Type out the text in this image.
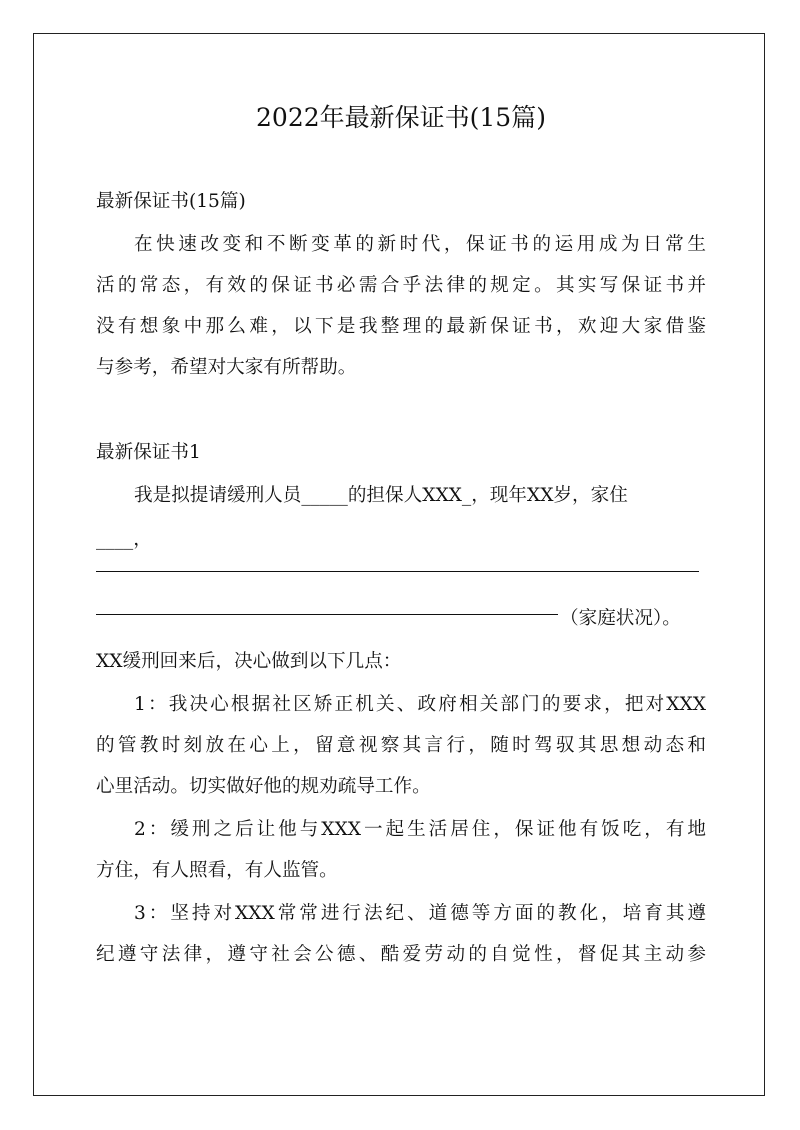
2022年最新保证书(15篇)
最新保证书(15篇)
在快速改变和不断变革的新时代，保证书的运用成为日常生
活的常态，有效的保证书必需合乎法律的规定。其实写保证书并
没有想象中那么难，以下是我整理的最新保证书，欢迎大家借鉴
与参考，希望对大家有所帮助。
最新保证书1
我是拟提请缓刑人员_____的担保人XXX_，现年XX岁，家住
____，
（家庭状况）。
XX缓刑回来后，决心做到以下几点：
1：我决心根据社区矫正机关、政府相关部门的要求，把对XXX
的管教时刻放在心上，留意视察其言行，随时驾驭其思想动态和
心里活动。切实做好他的规劝疏导工作。
2：缓刑之后让他与XXX一起生活居住，保证他有饭吃，有地
方住，有人照看，有人监管。
3：坚持对XXX常常进行法纪、道德等方面的教化，培育其遵
纪遵守法律，遵守社会公德、酷爱劳动的自觉性，督促其主动参
